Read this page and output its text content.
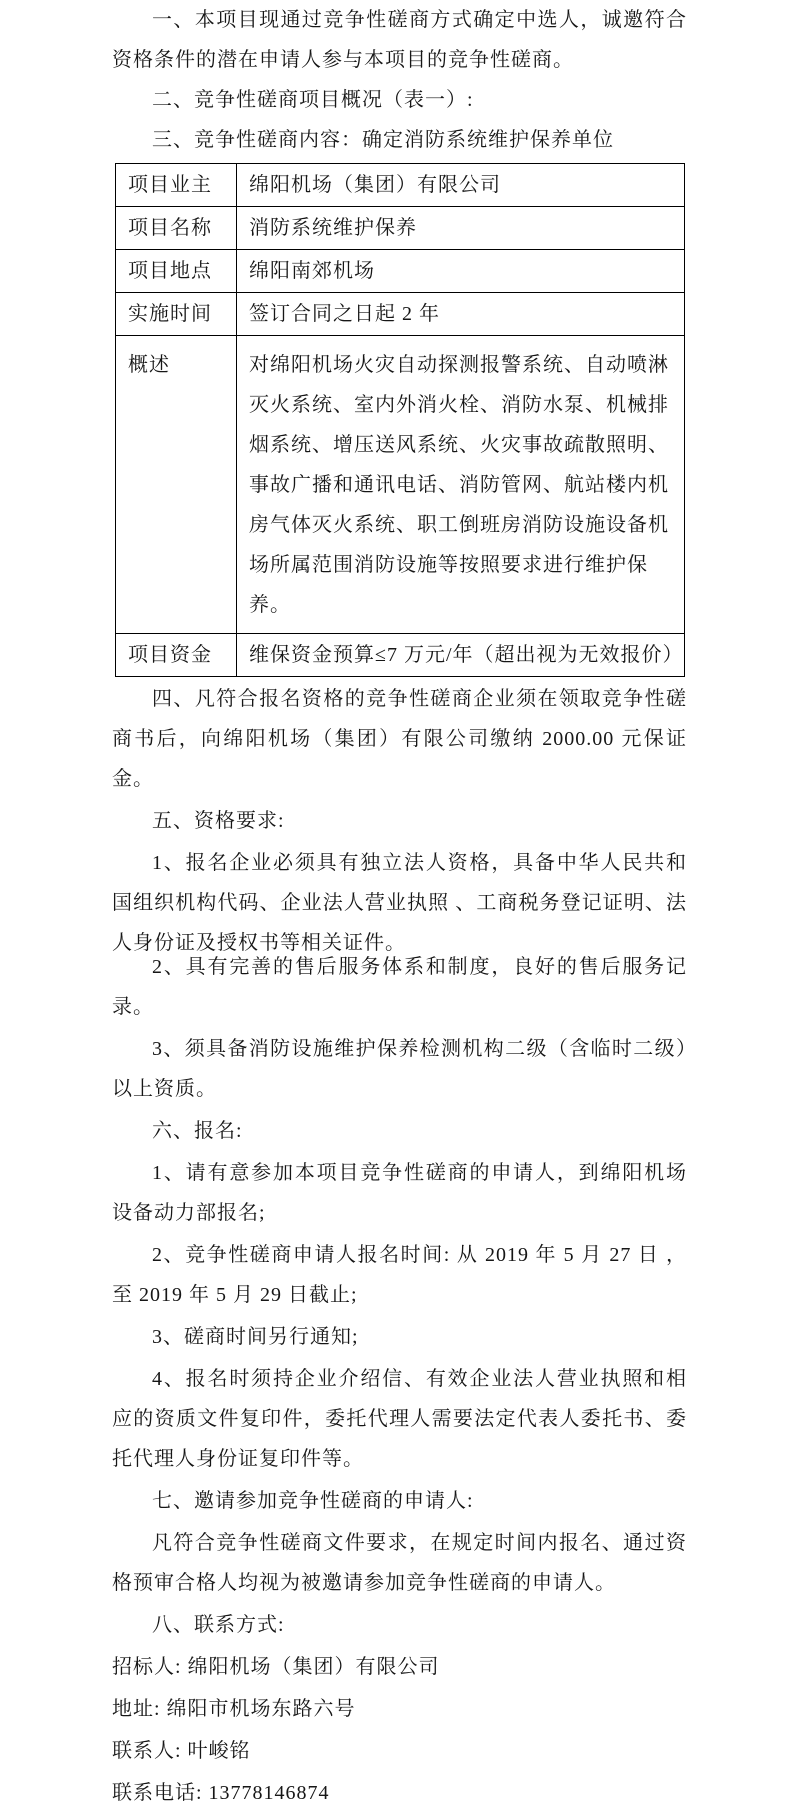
一、本项目现通过竞争性磋商方式确定中选人，诚邀符合资格条件的潜在申请人参与本项目的竞争性磋商。

二、竞争性磋商项目概况（表一）:

三、竞争性磋商内容：确定消防系统维护保养单位

项目业主	绵阳机场（集团）有限公司
项目名称	消防系统维护保养
项目地点	绵阳南郊机场
实施时间	签订合同之日起 2 年
概述	对绵阳机场火灾自动探测报警系统、自动喷淋灭火系统、室内外消火栓、消防水泵、机械排烟系统、增压送风系统、火灾事故疏散照明、事故广播和通讯电话、消防管网、航站楼内机房气体灭火系统、职工倒班房消防设施设备机场所属范围消防设施等按照要求进行维护保养。
项目资金	维保资金预算≤7 万元/年（超出视为无效报价）

四、凡符合报名资格的竞争性磋商企业须在领取竞争性磋商书后，向绵阳机场（集团）有限公司缴纳 2000.00 元保证金。

五、资格要求:

1、报名企业必须具有独立法人资格，具备中华人民共和国组织机构代码、企业法人营业执照 、工商税务登记证明、法人身份证及授权书等相关证件。

2、具有完善的售后服务体系和制度，良好的售后服务记录。

3、须具备消防设施维护保养检测机构二级（含临时二级）以上资质。

六、报名:

1、请有意参加本项目竞争性磋商的申请人，到绵阳机场设备动力部报名;

2、竞争性磋商申请人报名时间: 从 2019 年 5 月 27 日 ，至 2019 年 5 月 29 日截止;

3、磋商时间另行通知;

4、报名时须持企业介绍信、有效企业法人营业执照和相应的资质文件复印件，委托代理人需要法定代表人委托书、委托代理人身份证复印件等。

七、邀请参加竞争性磋商的申请人:

凡符合竞争性磋商文件要求，在规定时间内报名、通过资格预审合格人均视为被邀请参加竞争性磋商的申请人。

八、联系方式:

招标人: 绵阳机场（集团）有限公司

地址: 绵阳市机场东路六号

联系人: 叶峻铭

联系电话: 13778146874
